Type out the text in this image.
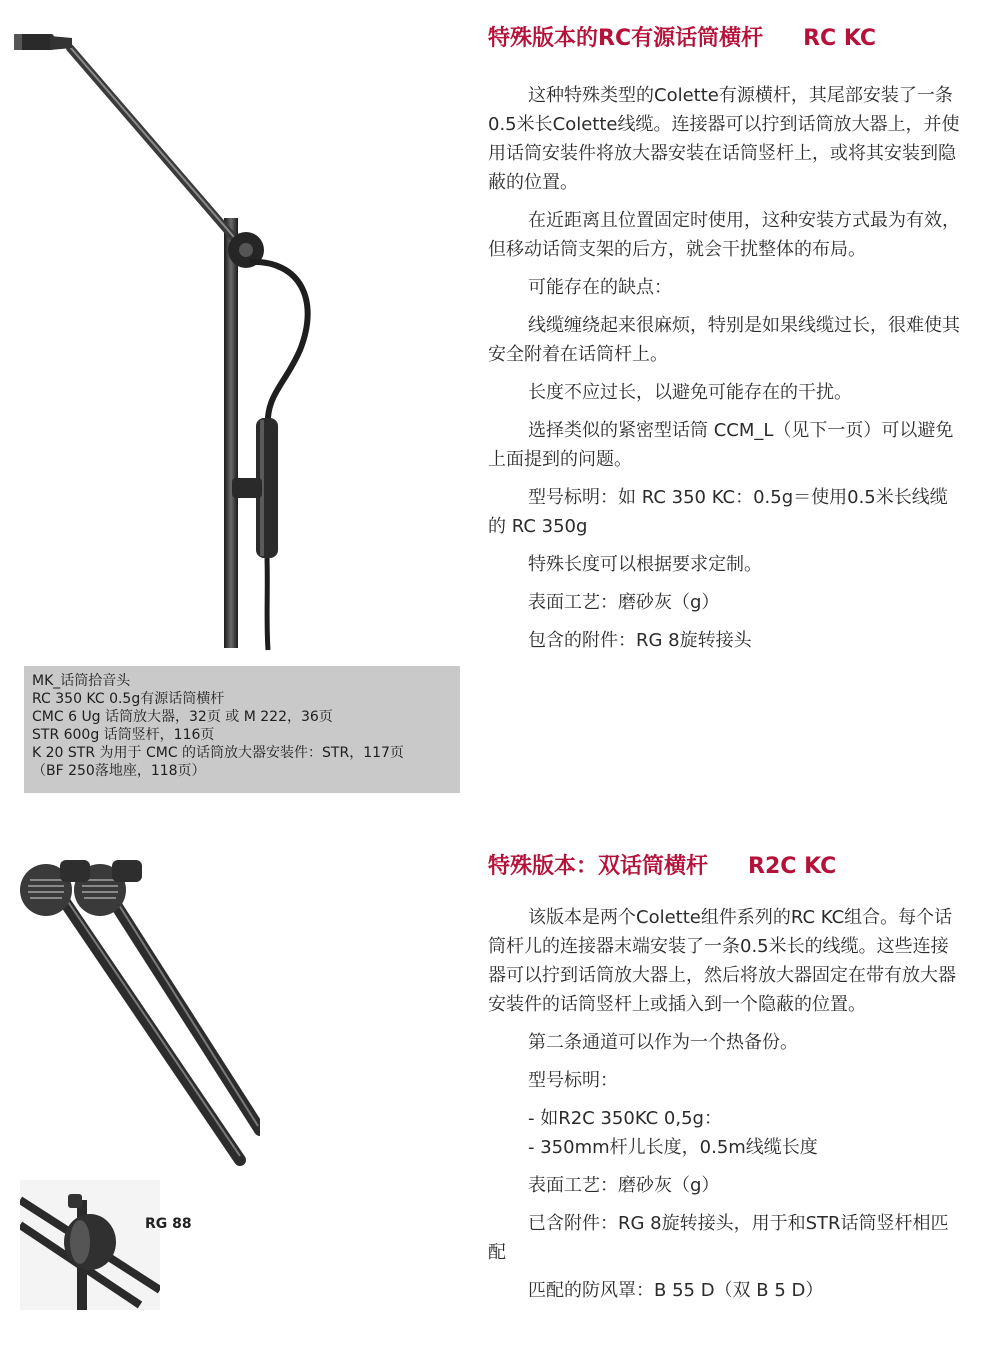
MK_话筒拾音头
RC 350 KC 0.5g有源话筒横杆
CMC 6 Ug 话筒放大器，32页 或 M 222，36页
STR 600g 话筒竖杆，116页
K 20 STR 为用于 CMC 的话筒放大器安装件：STR，117页
（BF 250落地座，118页）
特殊版本的RC有源话筒横杆 RC KC

这种特殊类型的Colette有源横杆，其尾部安装了一条0.5米长Colette线缆。连接器可以拧到话筒放大器上，并使用话筒安装件将放大器安装在话筒竖杆上，或将其安装到隐蔽的位置。

在近距离且位置固定时使用，这种安装方式最为有效，但移动话筒支架的后方，就会干扰整体的布局。

可能存在的缺点：

线缆缠绕起来很麻烦，特别是如果线缆过长，很难使其安全附着在话筒杆上。

长度不应过长，以避免可能存在的干扰。

选择类似的紧密型话筒 CCM_L（见下一页）可以避免上面提到的问题。

型号标明：如 RC 350 KC：0.5g＝使用0.5米长线缆的 RC 350g

特殊长度可以根据要求定制。

表面工艺：磨砂灰（g）

包含的附件：RG 8旋转接头

RG 88
特殊版本：双话筒横杆 R2C KC

该版本是两个Colette组件系列的RC KC组合。每个话筒杆儿的连接器末端安装了一条0.5米长的线缆。这些连接器可以拧到话筒放大器上，然后将放大器固定在带有放大器安装件的话筒竖杆上或插入到一个隐蔽的位置。

第二条通道可以作为一个热备份。

型号标明：

- 如R2C 350KC 0,5g：

- 350mm杆儿长度，0.5m线缆长度

表面工艺：磨砂灰（g）

已含附件：RG 8旋转接头，用于和STR话筒竖杆相匹配

匹配的防风罩：B 55 D（双 B 5 D）
